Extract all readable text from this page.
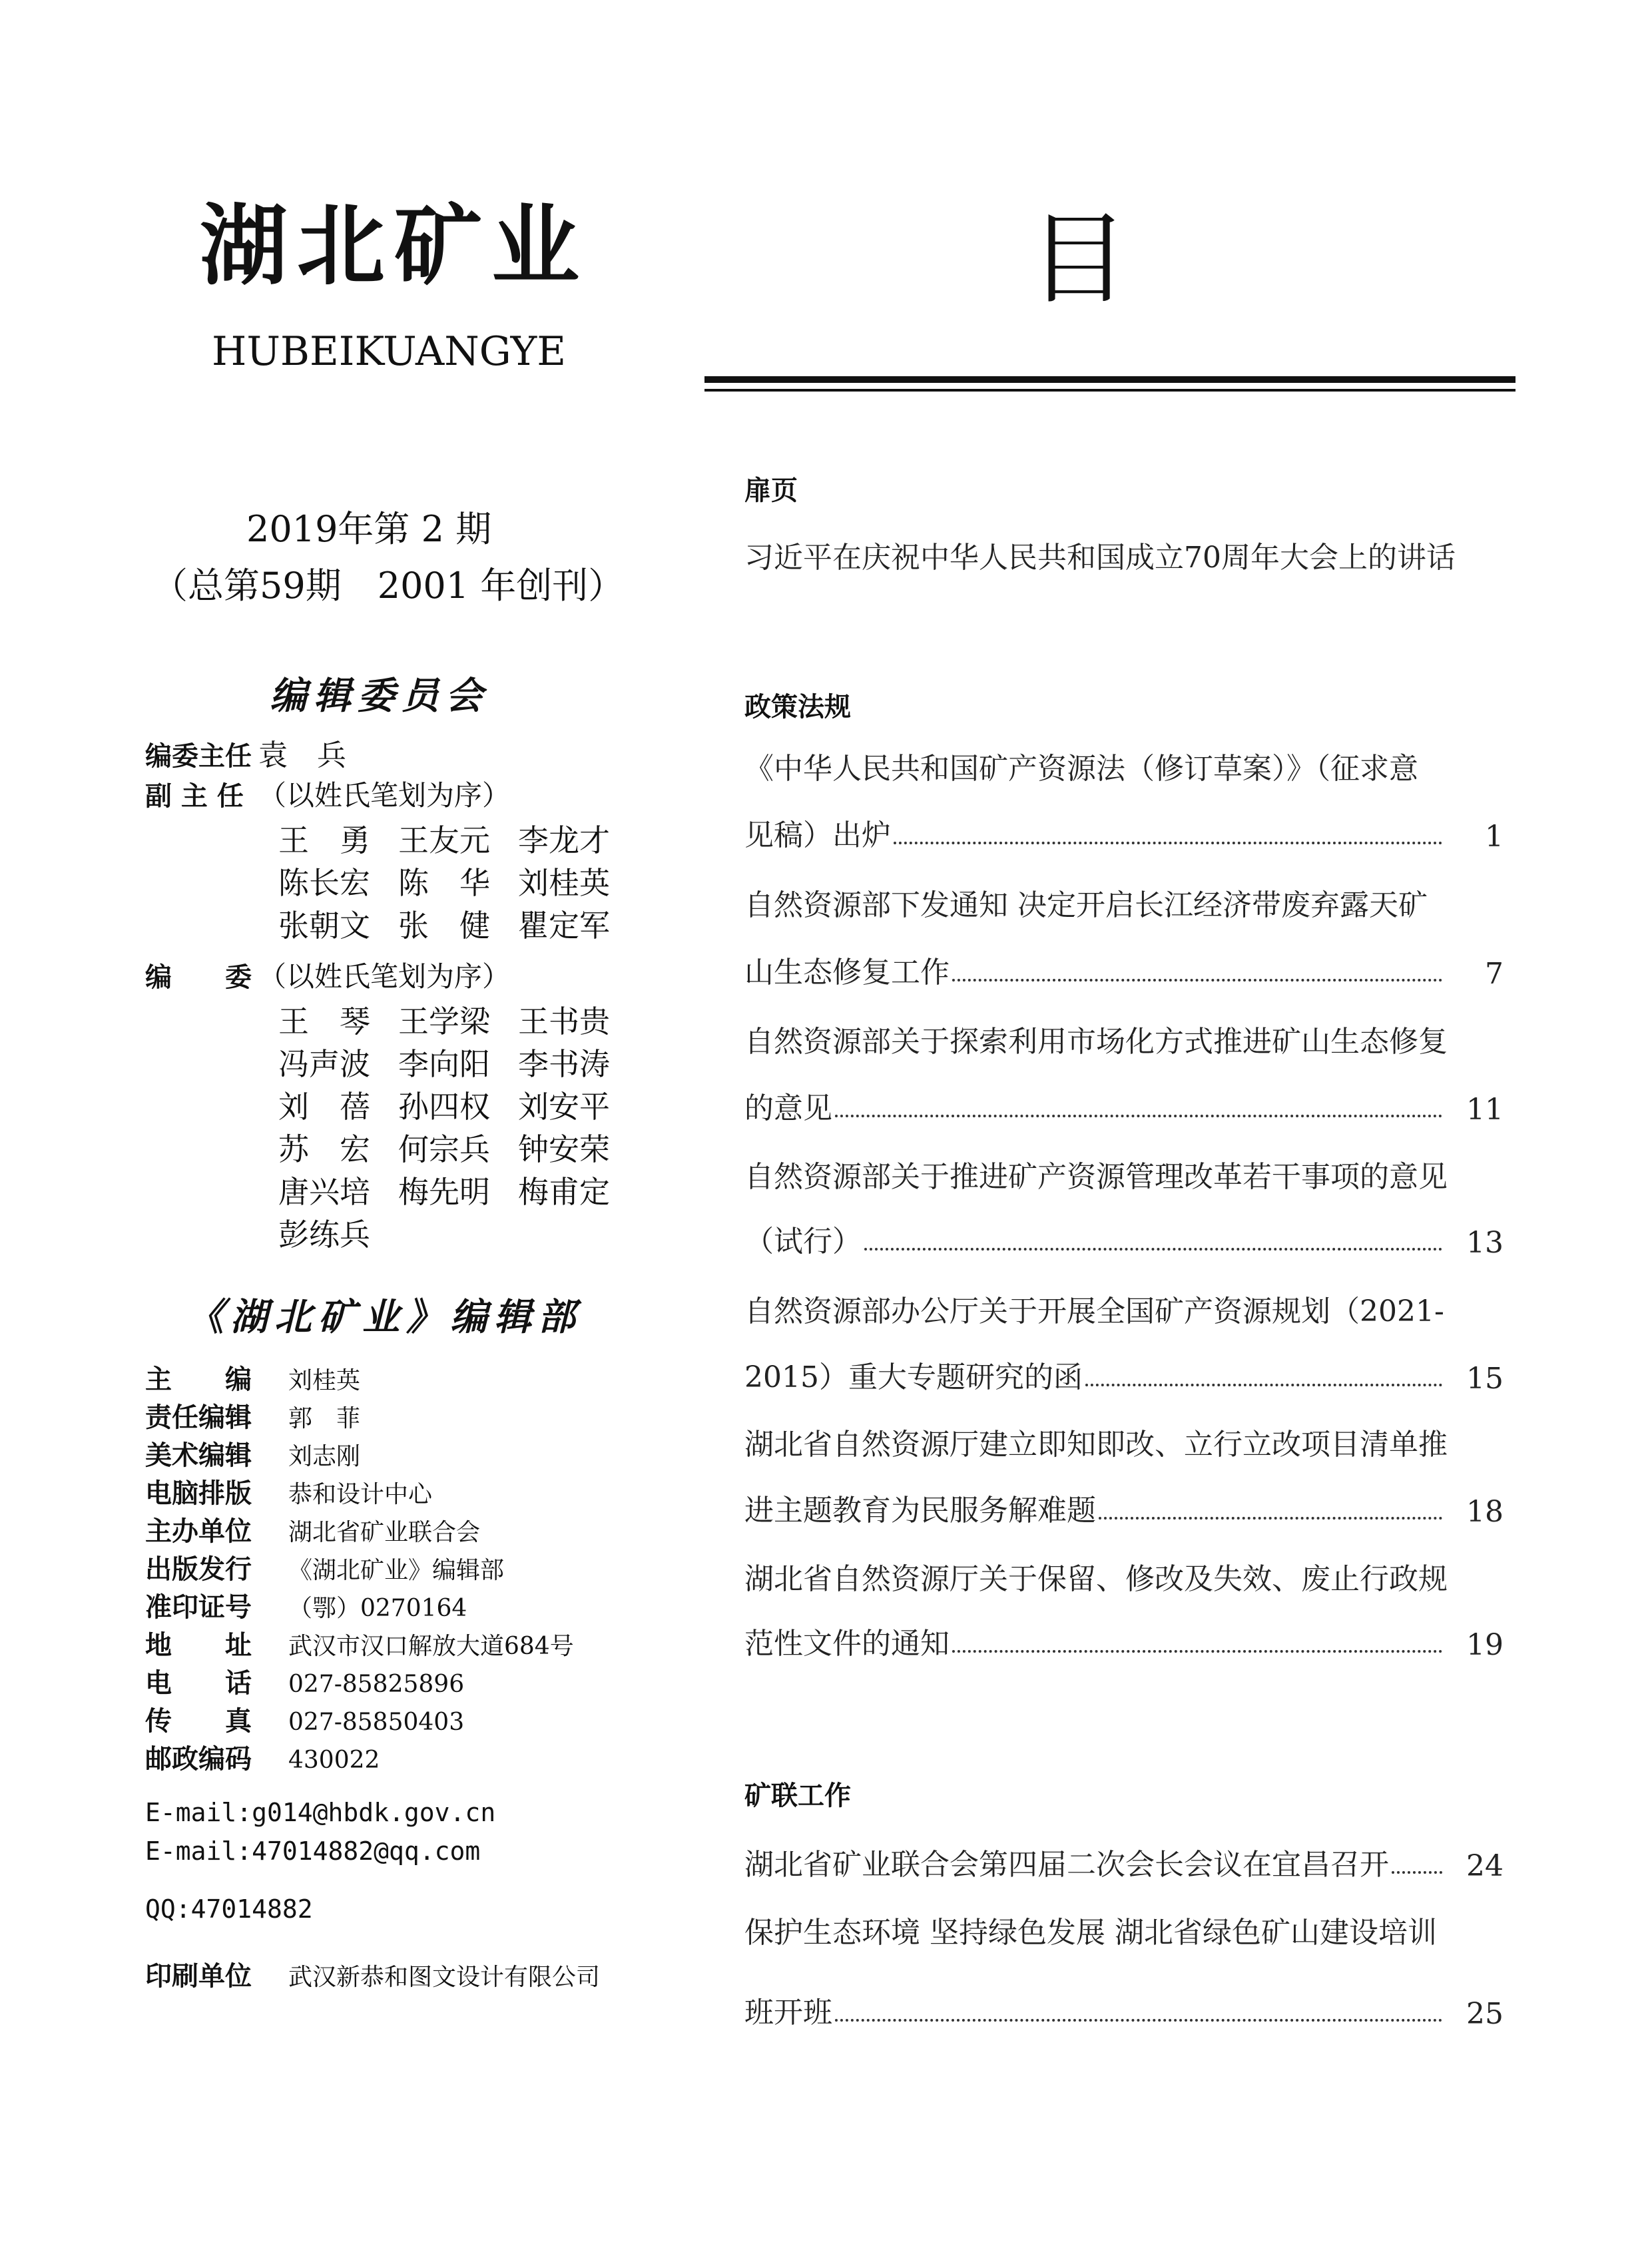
湖北矿业
HUBEIKUANGYE
2019年第 2 期
（总第59期　2001 年创刊）
编辑委员会
编委主任 袁　兵
副 主 任 （以姓氏笔划为序）
王　勇 王友元 李龙才
陈长宏 陈　华 刘桂英
张朝文 张　健 瞿定军
编　　委 （以姓氏笔划为序）
王　琴 王学梁 王书贵
冯声波 李向阳 李书涛
刘　蓓 孙四权 刘安平
苏　宏 何宗兵 钟安荣
唐兴培 梅先明 梅甫定
彭练兵
《湖北矿业》编辑部
主　　编	刘桂英
责任编辑	郭　菲
美术编辑	刘志刚
电脑排版	恭和设计中心
主办单位	湖北省矿业联合会
出版发行	《湖北矿业》编辑部
准印证号	（鄂）0270164
地　　址	武汉市汉口解放大道684号
电　　话	027-85825896
传　　真	027-85850403
邮政编码	430022
E-mail:g014@hbdk.gov.cn
E-mail:47014882@qq.com
QQ:47014882
印刷单位	武汉新恭和图文设计有限公司
目
扉页
习近平在庆祝中华人民共和国成立70周年大会上的讲话
政策法规
《中华人民共和国矿产资源法（修订草案）》（征求意
见稿）出炉	1
自然资源部下发通知 决定开启长江经济带废弃露天矿
山生态修复工作	7
自然资源部关于探索利用市场化方式推进矿山生态修复
的意见	11
自然资源部关于推进矿产资源管理改革若干事项的意见
（试行）	13
自然资源部办公厅关于开展全国矿产资源规划（2021-
2015）重大专题研究的函	15
湖北省自然资源厅建立即知即改、立行立改项目清单推
进主题教育为民服务解难题	18
湖北省自然资源厅关于保留、修改及失效、废止行政规
范性文件的通知	19
矿联工作
湖北省矿业联合会第四届二次会长会议在宜昌召开	24
保护生态环境 坚持绿色发展 湖北省绿色矿山建设培训
班开班	25
